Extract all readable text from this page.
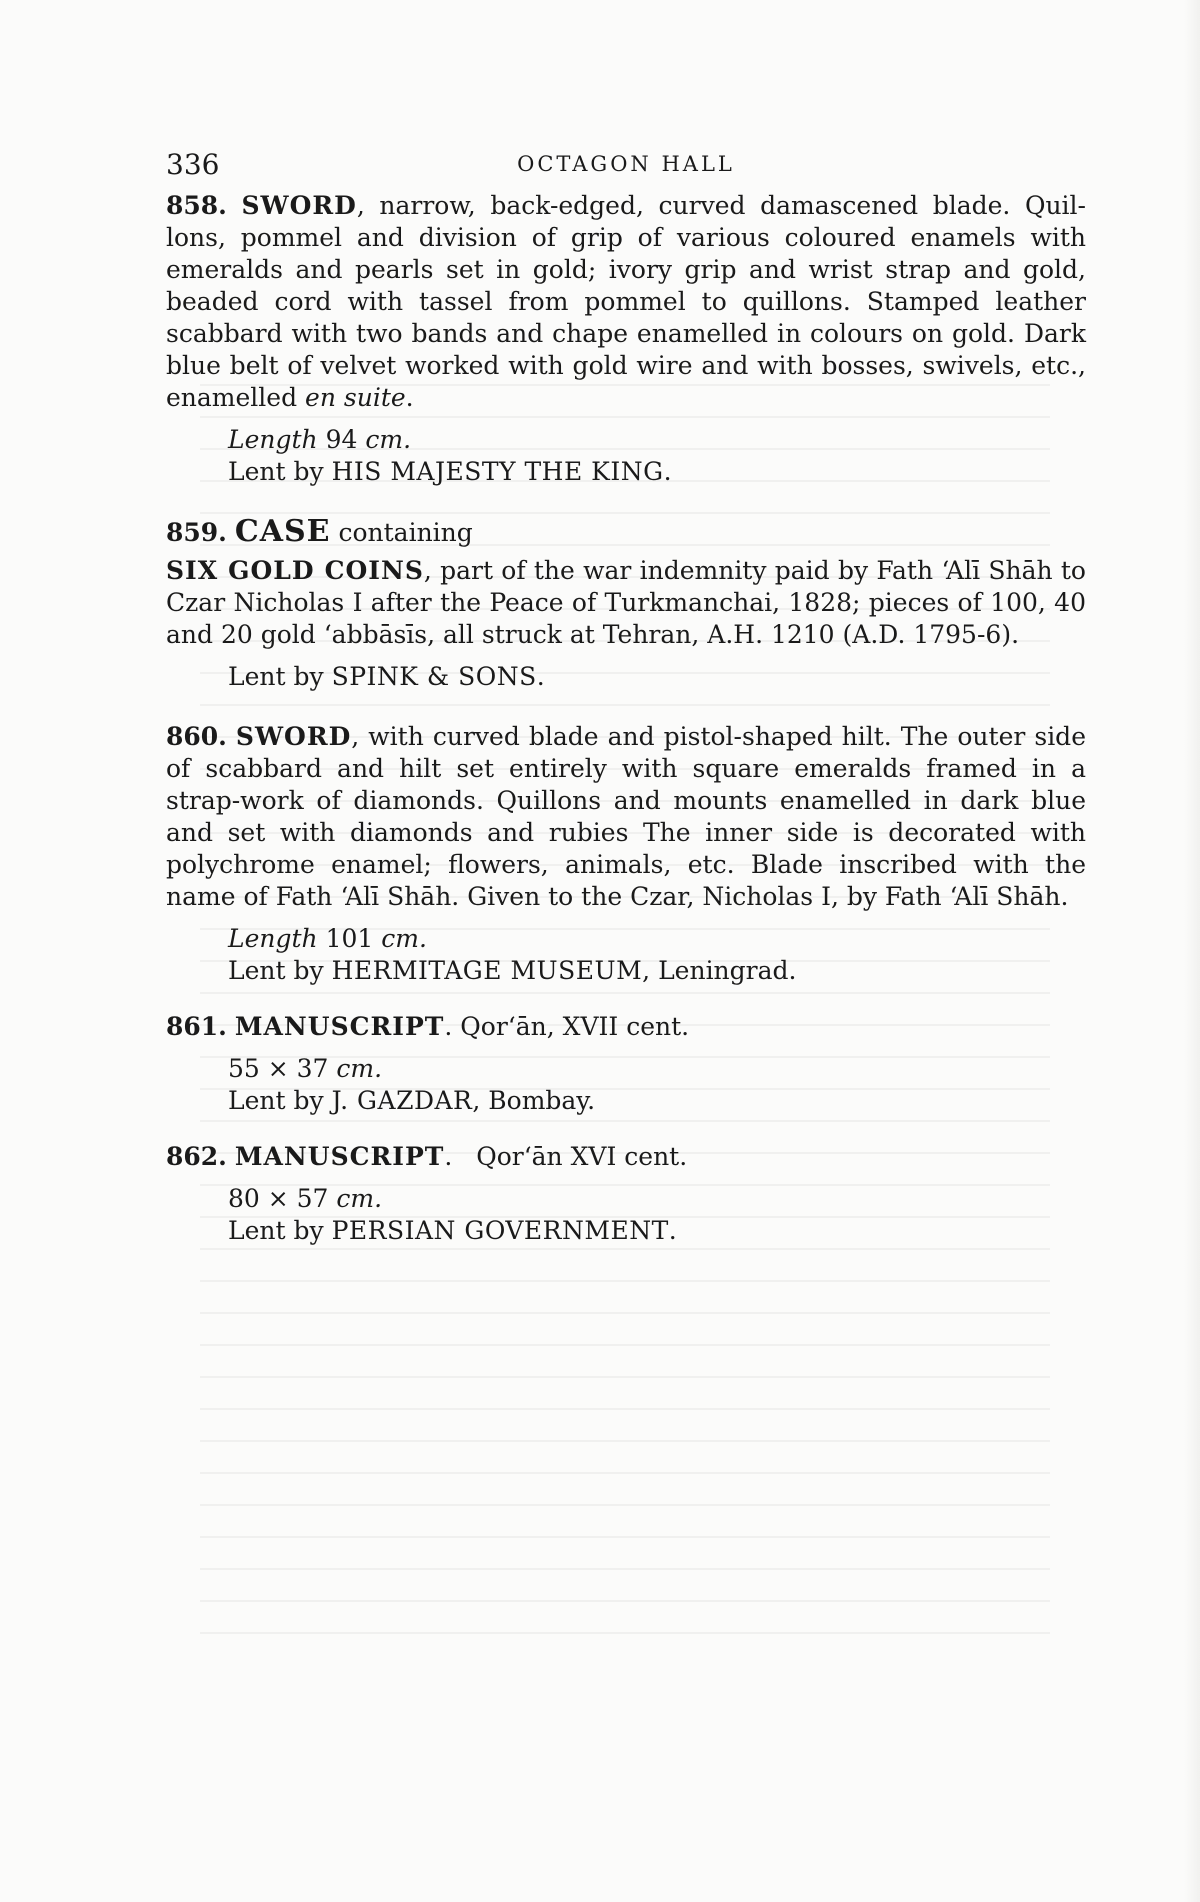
336	OCTAGON HALL

858. SWORD, narrow, back-edged, curved damascened blade. Quillons, pommel and division of grip of various coloured enamels with emeralds and pearls set in gold; ivory grip and wrist strap and gold, beaded cord with tassel from pommel to quillons. Stamped leather scabbard with two bands and chape enamelled in colours on gold. Dark blue belt of velvet worked with gold wire and with bosses, swivels, etc., enamelled en suite.

Length 94 cm.

Lent by HIS MAJESTY THE KING.

859. CASE containing

SIX GOLD COINS, part of the war indemnity paid by Fath ‘Alī Shāh to Czar Nicholas I after the Peace of Turkmanchai, 1828; pieces of 100, 40 and 20 gold ‘abbāsīs, all struck at Tehran, A.H. 1210 (A.D. 1795-6).

Lent by SPINK & SONS.

860. SWORD, with curved blade and pistol-shaped hilt. The outer side of scabbard and hilt set entirely with square emeralds framed in a strap-work of diamonds. Quillons and mounts enamelled in dark blue and set with diamonds and rubies The inner side is decorated with polychrome enamel; flowers, animals, etc. Blade inscribed with the name of Fath ‘Alī Shāh. Given to the Czar, Nicholas I, by Fath ‘Alī Shāh.

Length 101 cm.

Lent by HERMITAGE MUSEUM, Leningrad.

861. MANUSCRIPT. Qor‘ān, XVII cent.

55 × 37 cm.

Lent by J. GAZDAR, Bombay.

862. MANUSCRIPT.   Qor‘ān XVI cent.

80 × 57 cm.

Lent by PERSIAN GOVERNMENT.
